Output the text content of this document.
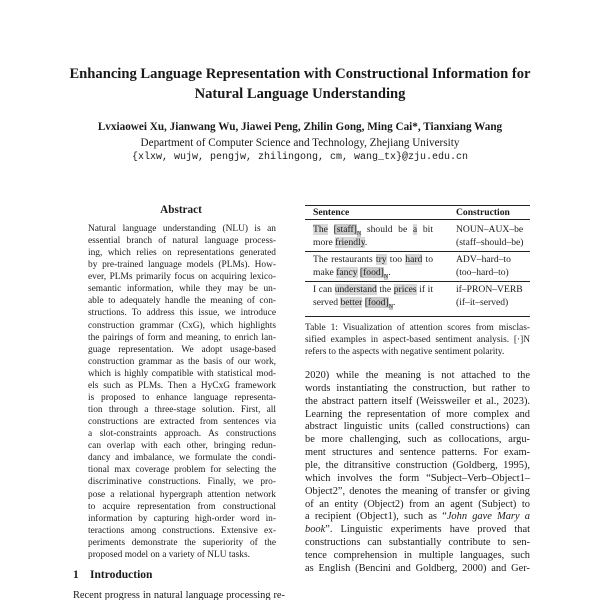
Enhancing Language Representation with Constructional Information for
Natural Language Understanding
Lvxiaowei Xu, Jianwang Wu, Jiawei Peng, Zhilin Gong, Ming Cai*, Tianxiang Wang
Department of Computer Science and Technology, Zhejiang University
{xlxw, wujw, pengjw, zhilingong, cm, wang_tx}@zju.edu.cn
Abstract
Natural language understanding (NLU) is an
essential branch of natural language process-
ing, which relies on representations generated
by pre-trained language models (PLMs). How-
ever, PLMs primarily focus on acquiring lexico-
semantic information, while they may be un-
able to adequately handle the meaning of con-
structions. To address this issue, we introduce
construction grammar (CxG), which highlights
the pairings of form and meaning, to enrich lan-
guage representation. We adopt usage-based
construction grammar as the basis of our work,
which is highly compatible with statistical mod-
els such as PLMs. Then a HyCxG framework
is proposed to enhance language representa-
tion through a three-stage solution. First, all
constructions are extracted from sentences via
a slot-constraints approach. As constructions
can overlap with each other, bringing redun-
dancy and imbalance, we formulate the condi-
tional max coverage problem for selecting the
discriminative constructions. Finally, we pro-
pose a relational hypergraph attention network
to acquire representation from constructional
information by capturing high-order word in-
teractions among constructions. Extensive ex-
periments demonstrate the superiority of the
proposed model on a variety of NLU tasks.
1 Introduction
Recent progress in natural language processing re-
Sentence	Construction
The $[staff]_N$ should be a bit
more friendly.
NOUN–AUX–be
(staff–should–be)
The restaurants try too hard to
make fancy $[food]_N$.
ADV–hard–to
(too–hard–to)
I can understand the prices if it
served better $[food]_N$.
if–PRON–VERB
(if–it–served)
Table 1: Visualization of attention scores from misclas-
sified examples in aspect-based sentiment analysis. [·]N
refers to the aspects with negative sentiment polarity.
2020) while the meaning is not attached to the
words instantiating the construction, but rather to
the abstract pattern itself (Weissweiler et al., 2023).
Learning the representation of more complex and
abstract linguistic units (called constructions) can
be more challenging, such as collocations, argu-
ment structures and sentence patterns. For exam-
ple, the ditransitive construction (Goldberg, 1995),
which involves the form “Subject–Verb–Object1–
Object2”, denotes the meaning of transfer or giving
of an entity (Object2) from an agent (Subject) to
a recipient (Object1), such as “John gave Mary a
book”. Linguistic experiments have proved that
constructions can substantially contribute to sen-
tence comprehension in multiple languages, such
as English (Bencini and Goldberg, 2000) and Ger-
